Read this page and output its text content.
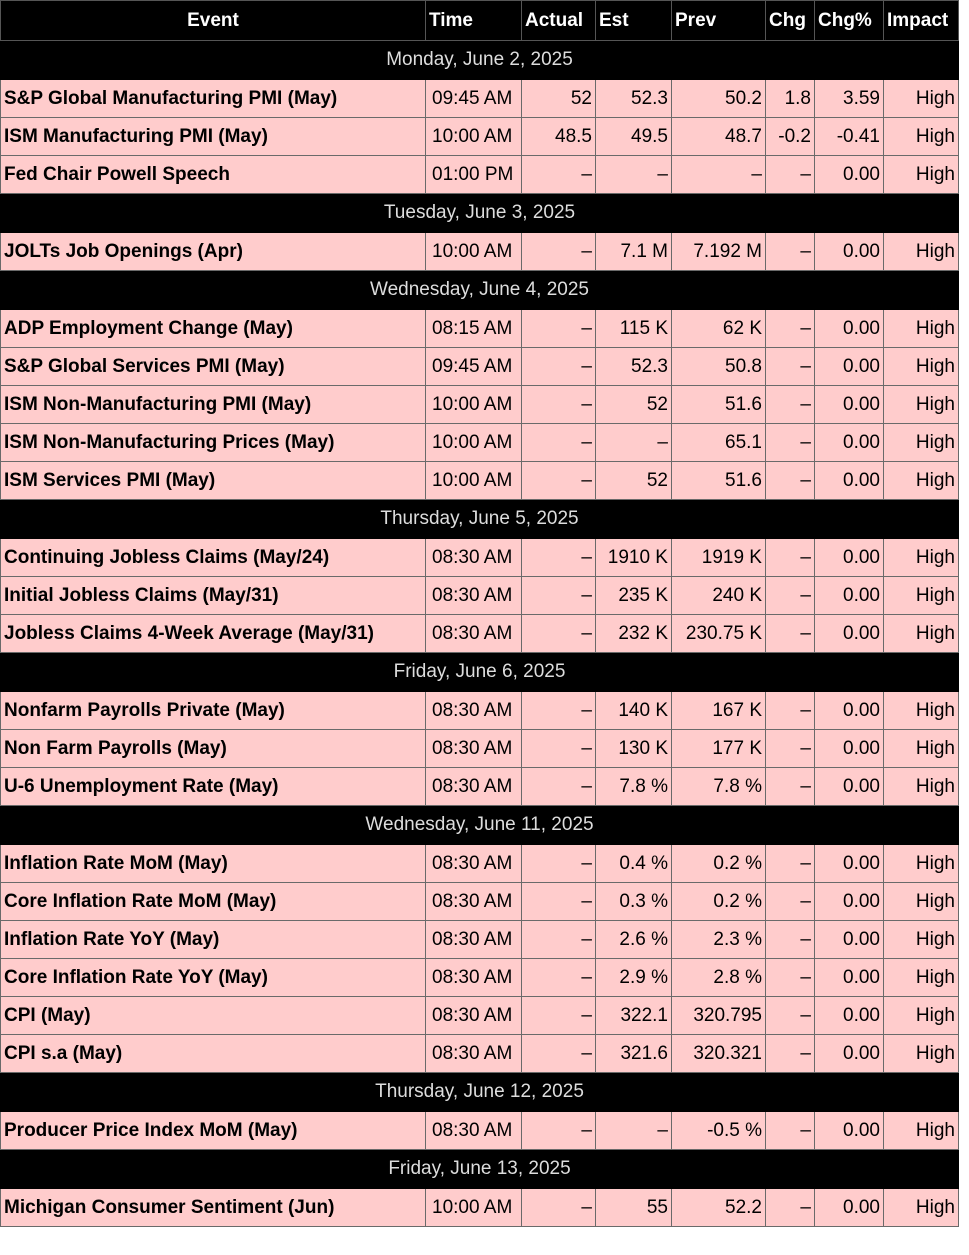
Event	Time	Actual	Est	Prev	Chg	Chg%	Impact
Monday, June 2, 2025							
S&P Global Manufacturing PMI (May)	09:45 AM	52	52.3	50.2	1.8	3.59	High
ISM Manufacturing PMI (May)	10:00 AM	48.5	49.5	48.7	-0.2	-0.41	High
Fed Chair Powell Speech	01:00 PM	–	–	–	–	0.00	High
Tuesday, June 3, 2025							
JOLTs Job Openings (Apr)	10:00 AM	–	7.1 M	7.192 M	–	0.00	High
Wednesday, June 4, 2025							
ADP Employment Change (May)	08:15 AM	–	115 K	62 K	–	0.00	High
S&P Global Services PMI (May)	09:45 AM	–	52.3	50.8	–	0.00	High
ISM Non-Manufacturing PMI (May)	10:00 AM	–	52	51.6	–	0.00	High
ISM Non-Manufacturing Prices (May)	10:00 AM	–	–	65.1	–	0.00	High
ISM Services PMI (May)	10:00 AM	–	52	51.6	–	0.00	High
Thursday, June 5, 2025							
Continuing Jobless Claims (May/24)	08:30 AM	–	1910 K	1919 K	–	0.00	High
Initial Jobless Claims (May/31)	08:30 AM	–	235 K	240 K	–	0.00	High
Jobless Claims 4-Week Average (May/31)	08:30 AM	–	232 K	230.75 K	–	0.00	High
Friday, June 6, 2025							
Nonfarm Payrolls Private (May)	08:30 AM	–	140 K	167 K	–	0.00	High
Non Farm Payrolls (May)	08:30 AM	–	130 K	177 K	–	0.00	High
U-6 Unemployment Rate (May)	08:30 AM	–	7.8 %	7.8 %	–	0.00	High
Wednesday, June 11, 2025							
Inflation Rate MoM (May)	08:30 AM	–	0.4 %	0.2 %	–	0.00	High
Core Inflation Rate MoM (May)	08:30 AM	–	0.3 %	0.2 %	–	0.00	High
Inflation Rate YoY (May)	08:30 AM	–	2.6 %	2.3 %	–	0.00	High
Core Inflation Rate YoY (May)	08:30 AM	–	2.9 %	2.8 %	–	0.00	High
CPI (May)	08:30 AM	–	322.1	320.795	–	0.00	High
CPI s.a (May)	08:30 AM	–	321.6	320.321	–	0.00	High
Thursday, June 12, 2025							
Producer Price Index MoM (May)	08:30 AM	–	–	-0.5 %	–	0.00	High
Friday, June 13, 2025							
Michigan Consumer Sentiment (Jun)	10:00 AM	–	55	52.2	–	0.00	High
